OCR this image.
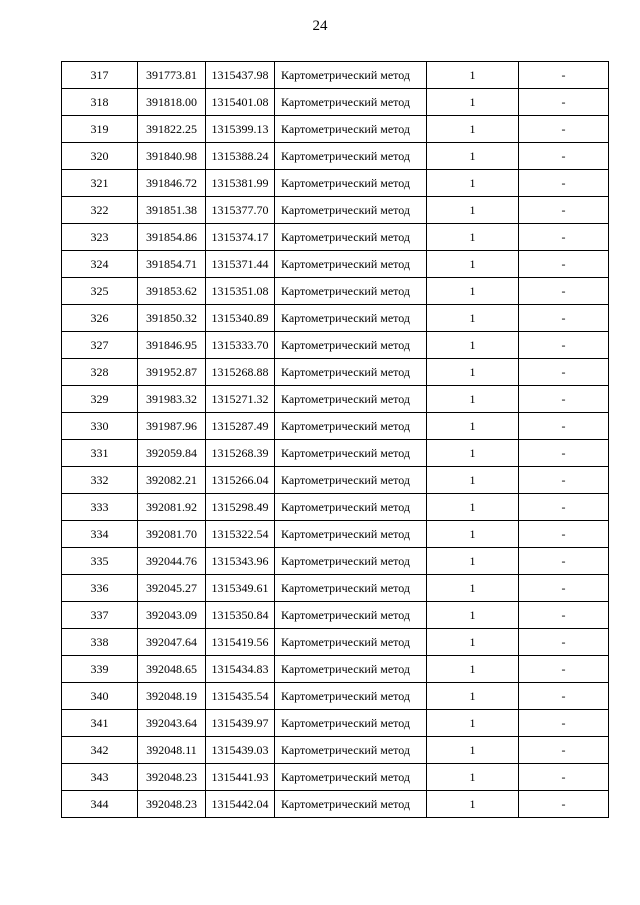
24
317	391773.81	1315437.98	Картометрический метод	1	-
318	391818.00	1315401.08	Картометрический метод	1	-
319	391822.25	1315399.13	Картометрический метод	1	-
320	391840.98	1315388.24	Картометрический метод	1	-
321	391846.72	1315381.99	Картометрический метод	1	-
322	391851.38	1315377.70	Картометрический метод	1	-
323	391854.86	1315374.17	Картометрический метод	1	-
324	391854.71	1315371.44	Картометрический метод	1	-
325	391853.62	1315351.08	Картометрический метод	1	-
326	391850.32	1315340.89	Картометрический метод	1	-
327	391846.95	1315333.70	Картометрический метод	1	-
328	391952.87	1315268.88	Картометрический метод	1	-
329	391983.32	1315271.32	Картометрический метод	1	-
330	391987.96	1315287.49	Картометрический метод	1	-
331	392059.84	1315268.39	Картометрический метод	1	-
332	392082.21	1315266.04	Картометрический метод	1	-
333	392081.92	1315298.49	Картометрический метод	1	-
334	392081.70	1315322.54	Картометрический метод	1	-
335	392044.76	1315343.96	Картометрический метод	1	-
336	392045.27	1315349.61	Картометрический метод	1	-
337	392043.09	1315350.84	Картометрический метод	1	-
338	392047.64	1315419.56	Картометрический метод	1	-
339	392048.65	1315434.83	Картометрический метод	1	-
340	392048.19	1315435.54	Картометрический метод	1	-
341	392043.64	1315439.97	Картометрический метод	1	-
342	392048.11	1315439.03	Картометрический метод	1	-
343	392048.23	1315441.93	Картометрический метод	1	-
344	392048.23	1315442.04	Картометрический метод	1	-
